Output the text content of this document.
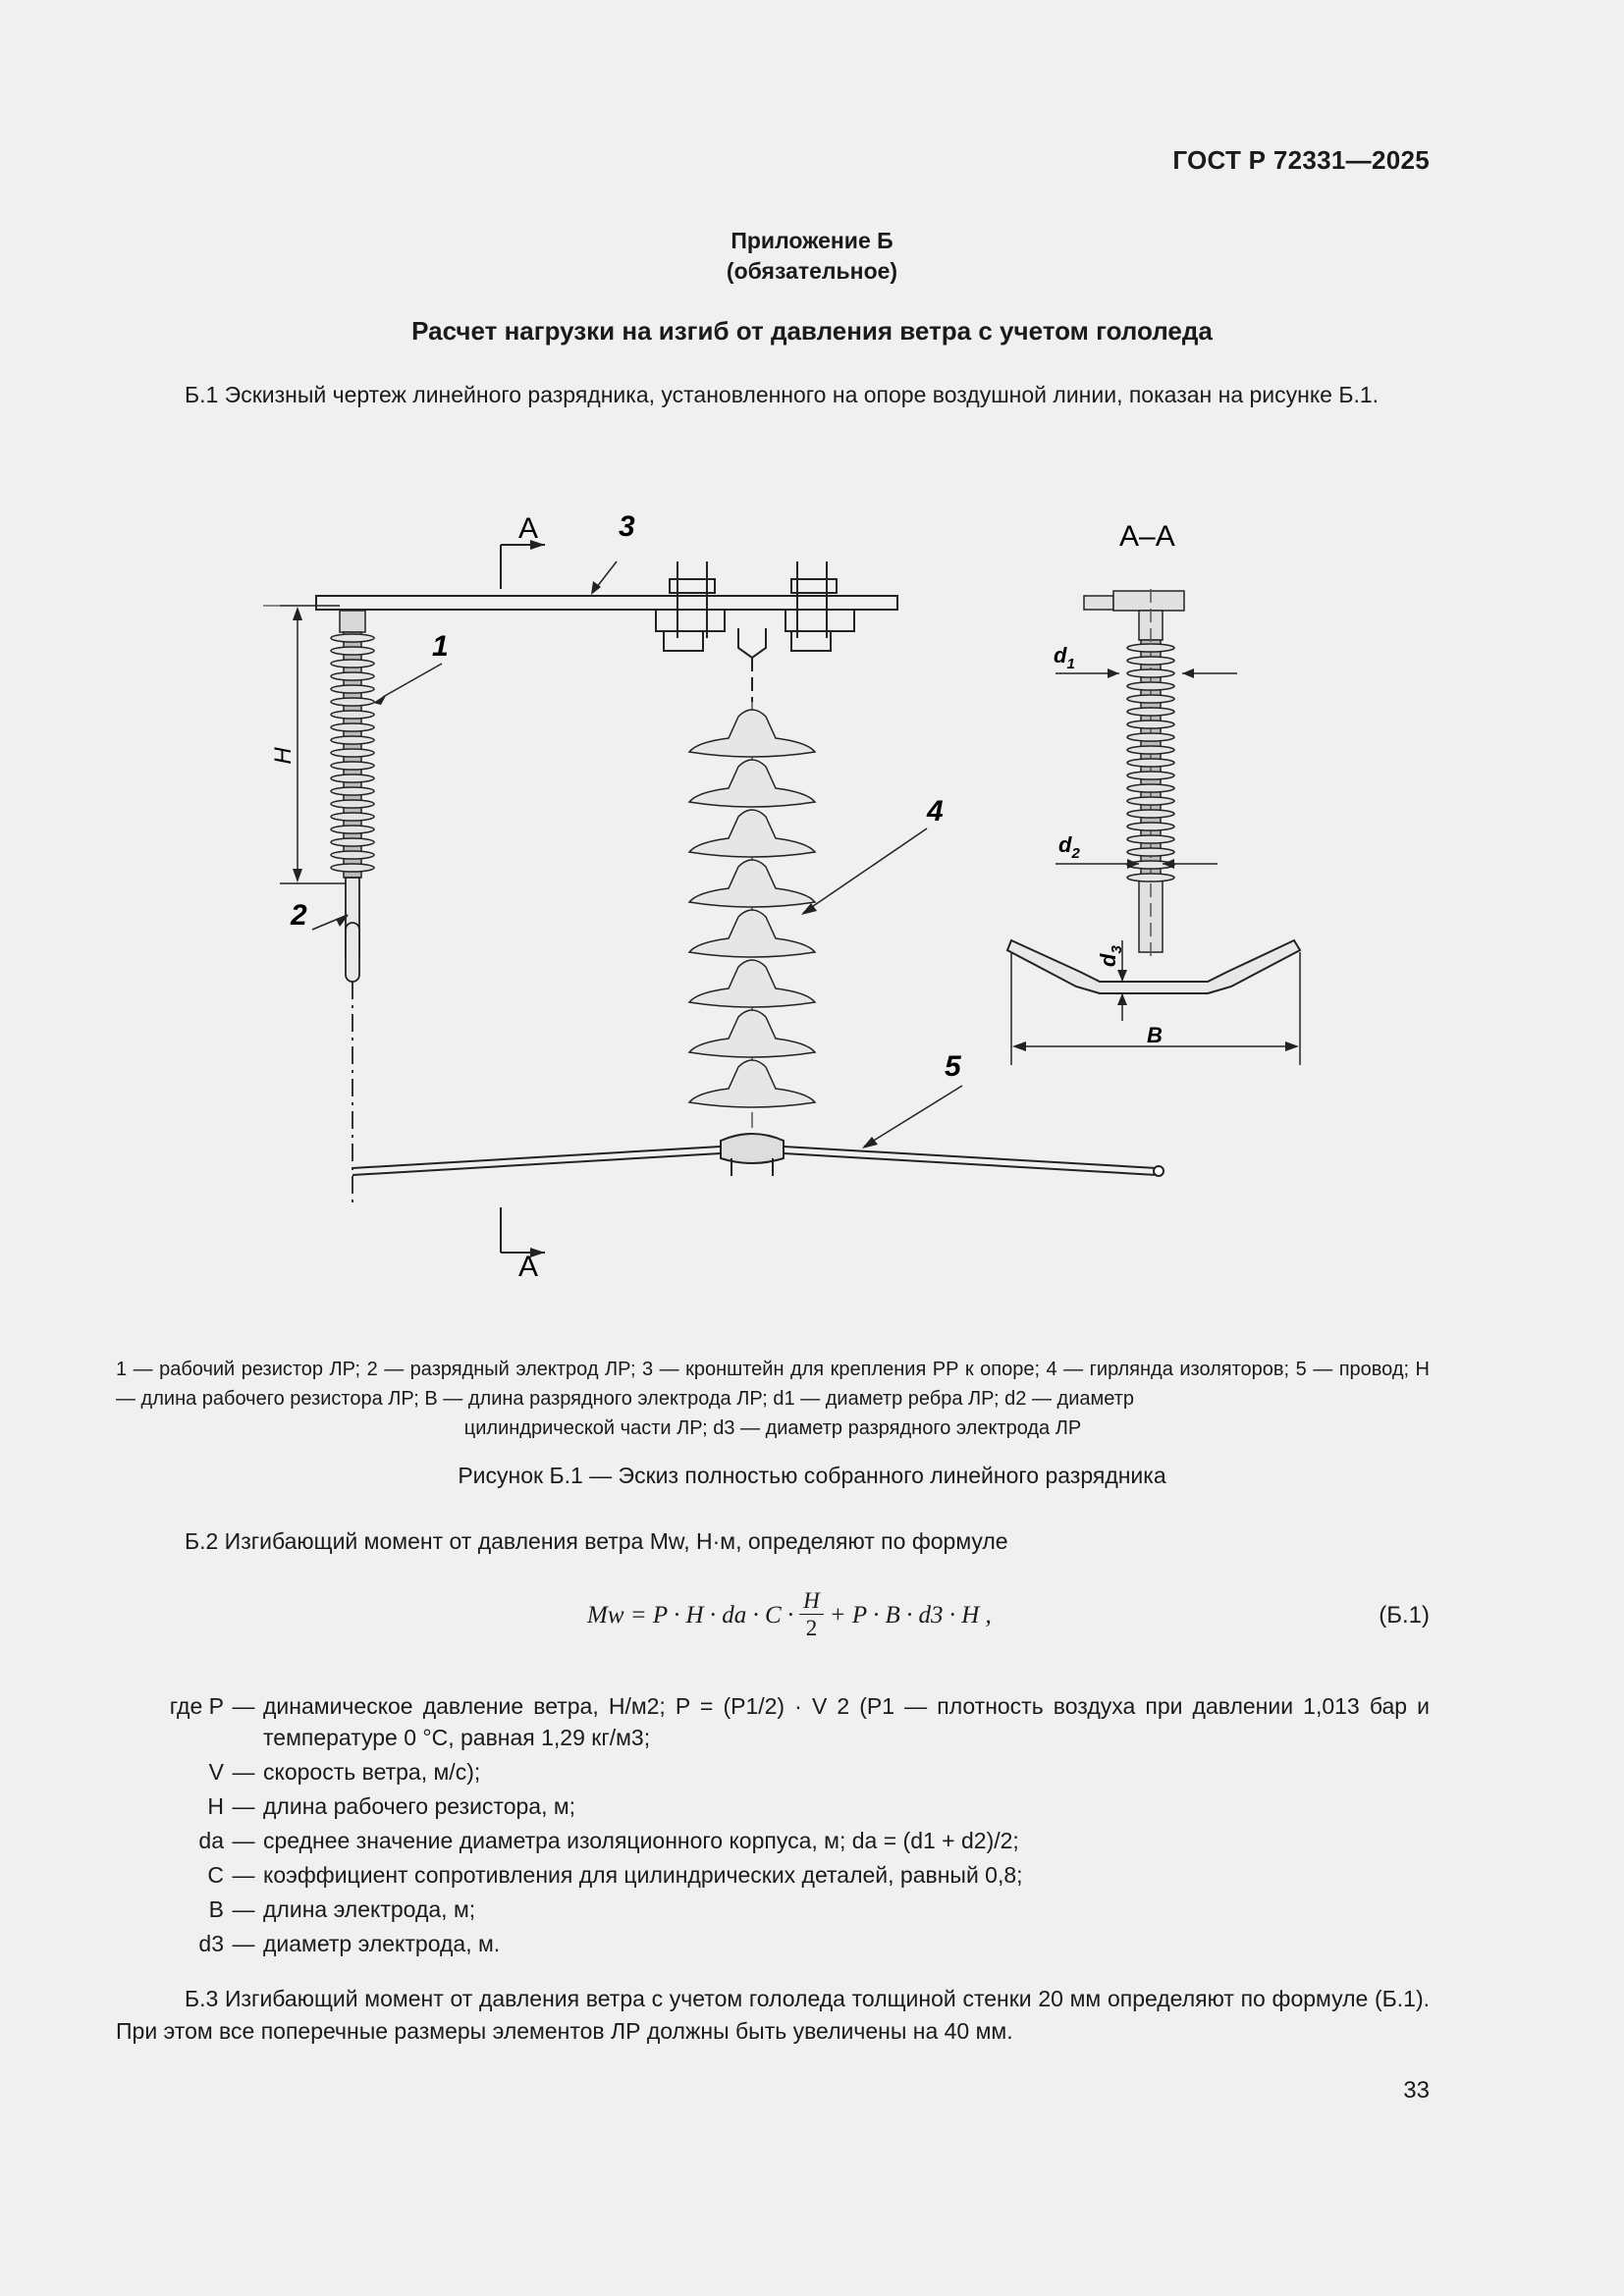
ГОСТ Р 72331—2025
Приложение Б
(обязательное)
Расчет нагрузки на изгиб от давления ветра с учетом гололеда
Б.1 Эскизный чертеж линейного разрядника, установленного на опоре воздушной линии, показан на рисунке Б.1.
А
А
А–А
3
1
2
4
5
H
B
$d_1$
$d_2$
$d_3$
1 — рабочий резистор ЛР; 2 — разрядный электрод ЛР; 3 — кронштейн для крепления РР к опоре; 4 — гирлянда изоляторов; 5 — провод; H — длина рабочего резистора ЛР; B — длина разрядного электрода ЛР; d1 — диаметр ребра ЛР; d2 — диаметр
цилиндрической части ЛР; d3 — диаметр разрядного электрода ЛР
Рисунок Б.1 — Эскиз полностью собранного линейного разрядника
Б.2 Изгибающий момент от давления ветра Mw, Н·м, определяют по формуле
Mw = P · H · da · $C \cdot \frac{H}{2} + P \cdot B \cdot d3 \cdot H$ ,	(Б.1)
где P — динамическое давление ветра, Н/м2; P = (P1/2) · V 2 (P1 — плотность воздуха при давлении 1,013 бар и температуре 0 °С, равная 1,29 кг/м3;
V — скорость ветра, м/с);
H — длина рабочего резистора, м;
da — среднее значение диаметра изоляционного корпуса, м; da = (d1 + d2)/2;
C — коэффициент сопротивления для цилиндрических деталей, равный 0,8;
B — длина электрода, м;
d3 — диаметр электрода, м.
Б.3 Изгибающий момент от давления ветра с учетом гололеда толщиной стенки 20 мм определяют по формуле (Б.1). При этом все поперечные размеры элементов ЛР должны быть увеличены на 40 мм.
33
